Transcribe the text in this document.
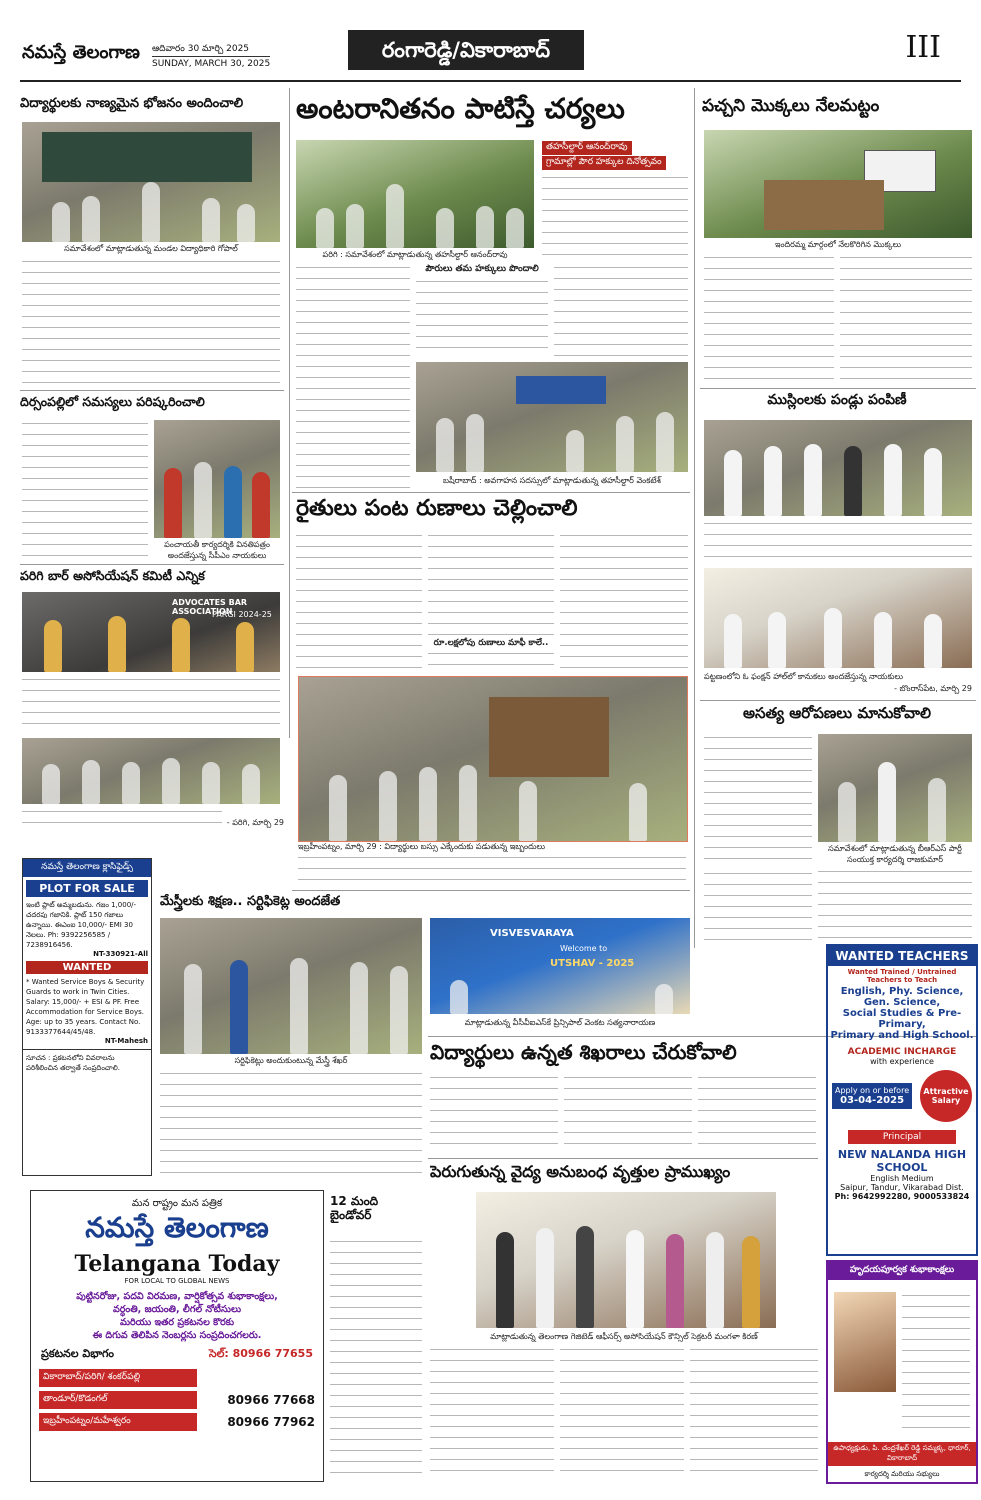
నమస్తే తెలంగాణ ఆదివారం 30 మార్చి 2025
SUNDAY, MARCH 30, 2025
రంగారెడ్డి/వికారాబాద్	III
విద్యార్థులకు నాణ్యమైన భోజనం అందించాలి
సమావేశంలో మాట్లాడుతున్న మండల విద్యాధికారి గోపాల్
దిర్సంపల్లిలో సమస్యలు పరిష్కరించాలి
పంచాయతీ కార్యదర్శికి వినతిపత్రం అందజేస్తున్న సీపీఎం నాయకులు
పరిగి బార్ అసోసియేషన్ కమిటీ ఎన్నిక
ADVOCATES BAR ASSOCIATION
PARGI 2024-25
- పరిగి, మార్చి 29
నమస్తే తెలంగాణ క్లాసిఫైడ్స్
PLOT FOR SALE
ఇంటి ప్లాట్ అమ్మబడును. గజం 1,000/- చదరపు గజానికి. ప్లాట్ 150 గజాలు ఉన్నాయి. ఈఎంఐ 10,000/- EMI 30 నెలలు. Ph: 9392256585 / 7238916456.
NT-330921-All
WANTED
* Wanted Service Boys & Security Guards to work in Twin Cities. Salary: 15,000/- + ESI & PF. Free Accommodation for Service Boys. Age: up to 35 years. Contact No. 9133377644/45/48.
NT-Mahesh
సూచన : ప్రకటనలోని వివరాలను పరిశీలించిన తర్వాతే సంప్రదించాలి.
అంటరానితనం పాటిస్తే చర్యలు
పరిగి : సమావేశంలో మాట్లాడుతున్న తహసీల్దార్ ఆనంద్‌రావు
తహసీల్దార్ ఆనంద్‌రావు
గ్రామాల్లో పౌర హక్కుల దినోత్సవం
పౌరులు తమ హక్కులు పొందాలి
బషీరాబాద్ : అవగాహన సదస్సులో మాట్లాడుతున్న తహసీల్దార్ వెంకటేశ్
రైతులు పంట రుణాలు చెల్లించాలి
రూ.లక్షలోపు రుణాలు మాఫీ కాలే..
ఇబ్రహీంపట్నం, మార్చి 29 : విద్యార్థులు బస్సు ఎక్కేందుకు పడుతున్న ఇబ్బందులు
మేస్త్రీలకు శిక్షణ.. సర్టిఫికెట్ల అందజేత
సర్టిఫికెట్లు అందుకుంటున్న మేస్త్రీ శేఖర్
VISVESVARAYA
Welcome to
UTSHAV - 2025
మాట్లాడుతున్న వీసీవీఐఎస్‌కే ప్రిన్సిపాల్ వెంకట సత్యనారాయణ
విద్యార్థులు ఉన్నత శిఖరాలు చేరుకోవాలి
పెరుగుతున్న వైద్య అనుబంధ వృత్తుల ప్రాముఖ్యం
మాట్లాడుతున్న తెలంగాణ గెజిటెడ్ ఆఫీసర్స్ అసోసియేషన్ కౌన్సిల్ సెక్రటరీ మంగళా కిరణ్
12 మంది
బైండోవర్
మన రాష్ట్రం మన పత్రిక
నమస్తే తెలంగాణ
Telangana Today
FOR LOCAL TO GLOBAL NEWS
పుట్టినరోజు, పదవి విరమణ, వార్షికోత్సవ శుభాకాంక్షలు,
వర్ధంతి, జయంతి, లీగల్ నోటీసులు
మరియు ఇతర ప్రకటనల కొరకు
ఈ దిగువ తెలిపిన నెంబర్లను సంప్రదించగలరు.
ప్రకటనల విభాగం	సెల్: 80966 77655
వికారాబాద్/పరిగి/ శంకర్‌పల్లి
తాండూర్/కొడంగల్	80966 77668
ఇబ్రహీంపట్నం/మహేశ్వరం	80966 77962
పచ్చని మొక్కలు నేలమట్టం
ఇందిరమ్మ మార్గంలో నేలకొరిగిన మొక్కలు
ముస్లింలకు పండ్లు పంపిణీ
పట్టణంలోని ఓ ఫంక్షన్ హాల్‌లో కానుకలు అందజేస్తున్న నాయకులు
- బొంరాస్‌పేట, మార్చి 29
అసత్య ఆరోపణలు మానుకోవాలి
సమావేశంలో మాట్లాడుతున్న బీఆర్‌ఎస్ పార్టీ సంయుక్త కార్యదర్శి రాజకుమార్
WANTED TEACHERS
Wanted Trained / Untrained Teachers to Teach
English, Phy. Science, Gen. Science,
Social Studies & Pre-Primary,
Primary and High School.
ACADEMIC INCHARGE
with experience
Apply on or before
03-04-2025
Attractive
Salary
Principal
NEW NALANDA HIGH SCHOOL
English Medium
Saipur, Tandur, Vikarabad Dist.
Ph: 9642992280, 9000533824
హృదయపూర్వక శుభాకాంక్షలు
ఉపాధ్యక్షుడు, పి. చంద్రశేఖర్ రెడ్డి సమ్మక్క, ధారూర్, వికారాబాద్
కార్యదర్శి మరియు సభ్యులు
